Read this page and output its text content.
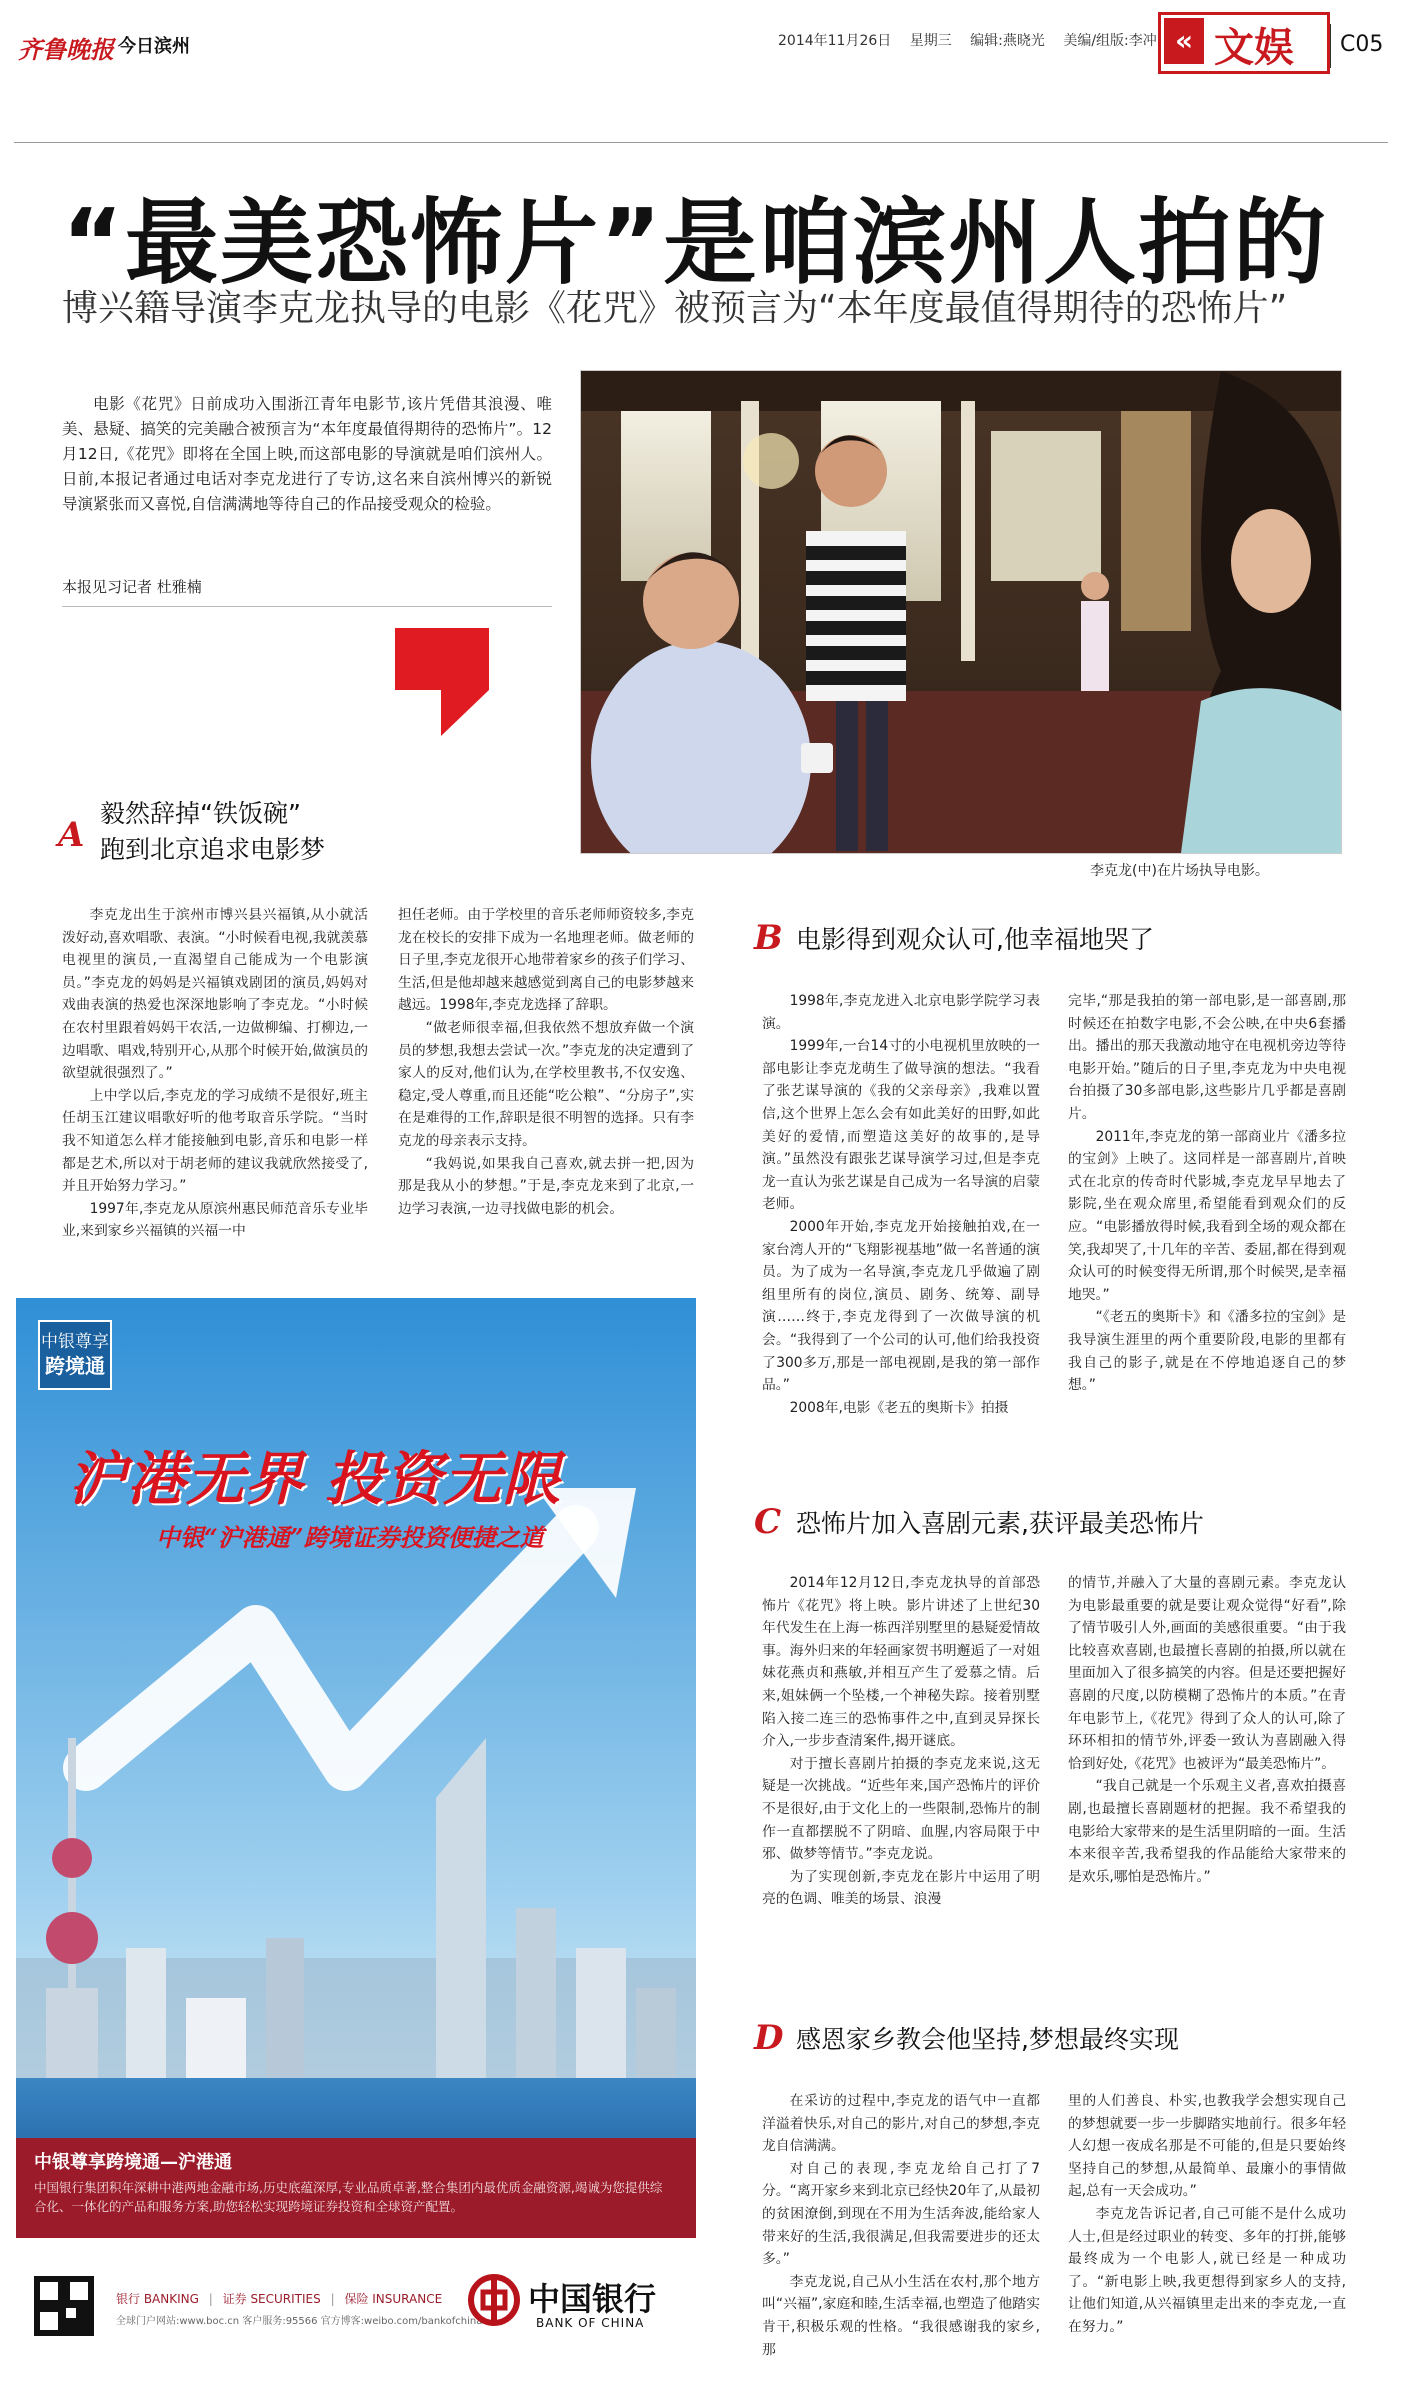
齐鲁晚报 今日滨州	2014年11月26日 星期三 编辑:燕晓光 美编/组版:李冲 « 文娱 C05
“最美恐怖片”是咱滨州人拍的
博兴籍导演李克龙执导的电影《花咒》被预言为“本年度最值得期待的恐怖片”
电影《花咒》日前成功入围浙江青年电影节,该片凭借其浪漫、唯美、悬疑、搞笑的完美融合被预言为“本年度最值得期待的恐怖片”。12月12日,《花咒》即将在全国上映,而这部电影的导演就是咱们滨州人。日前,本报记者通过电话对李克龙进行了专访,这名来自滨州博兴的新锐导演紧张而又喜悦,自信满满地等待自己的作品接受观众的检验。
本报见习记者 杜雅楠
李克龙(中)在片场执导电影。
A
毅然辞掉“铁饭碗”
跑到北京追求电影梦

李克龙出生于滨州市博兴县兴福镇,从小就活泼好动,喜欢唱歌、表演。“小时候看电视,我就羡慕电视里的演员,一直渴望自己能成为一个电影演员。”李克龙的妈妈是兴福镇戏剧团的演员,妈妈对戏曲表演的热爱也深深地影响了李克龙。“小时候在农村里跟着妈妈干农活,一边做柳编、打柳边,一边唱歌、唱戏,特别开心,从那个时候开始,做演员的欲望就很强烈了。”

上中学以后,李克龙的学习成绩不是很好,班主任胡玉江建议唱歌好听的他考取音乐学院。“当时我不知道怎么样才能接触到电影,音乐和电影一样都是艺术,所以对于胡老师的建议我就欣然接受了,并且开始努力学习。”

1997年,李克龙从原滨州惠民师范音乐专业毕业,来到家乡兴福镇的兴福一中

担任老师。由于学校里的音乐老师师资较多,李克龙在校长的安排下成为一名地理老师。做老师的日子里,李克龙很开心地带着家乡的孩子们学习、生活,但是他却越来越感觉到离自己的电影梦越来越远。1998年,李克龙选择了辞职。

“做老师很幸福,但我依然不想放弃做一个演员的梦想,我想去尝试一次。”李克龙的决定遭到了家人的反对,他们认为,在学校里教书,不仅安逸、稳定,受人尊重,而且还能“吃公粮”、“分房子”,实在是难得的工作,辞职是很不明智的选择。只有李克龙的母亲表示支持。

“我妈说,如果我自己喜欢,就去拼一把,因为那是我从小的梦想。”于是,李克龙来到了北京,一边学习表演,一边寻找做电影的机会。

B 电影得到观众认可,他幸福地哭了

1998年,李克龙进入北京电影学院学习表演。

1999年,一台14寸的小电视机里放映的一部电影让李克龙萌生了做导演的想法。“我看了张艺谋导演的《我的父亲母亲》,我难以置信,这个世界上怎么会有如此美好的田野,如此美好的爱情,而塑造这美好的故事的,是导演。”虽然没有跟张艺谋导演学习过,但是李克龙一直认为张艺谋是自己成为一名导演的启蒙老师。

2000年开始,李克龙开始接触拍戏,在一家台湾人开的“飞翔影视基地”做一名普通的演员。为了成为一名导演,李克龙几乎做遍了剧组里所有的岗位,演员、剧务、统筹、副导演……终于,李克龙得到了一次做导演的机会。“我得到了一个公司的认可,他们给我投资了300多万,那是一部电视剧,是我的第一部作品。”

2008年,电影《老五的奥斯卡》拍摄

完毕,“那是我拍的第一部电影,是一部喜剧,那时候还在拍数字电影,不会公映,在中央6套播出。播出的那天我激动地守在电视机旁边等待电影开始。”随后的日子里,李克龙为中央电视台拍摄了30多部电影,这些影片几乎都是喜剧片。

2011年,李克龙的第一部商业片《潘多拉的宝剑》上映了。这同样是一部喜剧片,首映式在北京的传奇时代影城,李克龙早早地去了影院,坐在观众席里,希望能看到观众们的反应。“电影播放得时候,我看到全场的观众都在笑,我却哭了,十几年的辛苦、委屈,都在得到观众认可的时候变得无所谓,那个时候哭,是幸福地哭。”

“《老五的奥斯卡》和《潘多拉的宝剑》是我导演生涯里的两个重要阶段,电影的里都有我自己的影子,就是在不停地追逐自己的梦想。”

C 恐怖片加入喜剧元素,获评最美恐怖片

2014年12月12日,李克龙执导的首部恐怖片《花咒》将上映。影片讲述了上世纪30年代发生在上海一栋西洋别墅里的悬疑爱情故事。海外归来的年轻画家贺书明邂逅了一对姐妹花燕贞和燕敏,并相互产生了爱慕之情。后来,姐妹俩一个坠楼,一个神秘失踪。接着别墅陷入接二连三的恐怖事件之中,直到灵异探长介入,一步步查清案件,揭开谜底。

对于擅长喜剧片拍摄的李克龙来说,这无疑是一次挑战。“近些年来,国产恐怖片的评价不是很好,由于文化上的一些限制,恐怖片的制作一直都摆脱不了阴暗、血腥,内容局限于中邪、做梦等情节。”李克龙说。

为了实现创新,李克龙在影片中运用了明亮的色调、唯美的场景、浪漫

的情节,并融入了大量的喜剧元素。李克龙认为电影最重要的就是要让观众觉得“好看”,除了情节吸引人外,画面的美感很重要。“由于我比较喜欢喜剧,也最擅长喜剧的拍摄,所以就在里面加入了很多搞笑的内容。但是还要把握好喜剧的尺度,以防模糊了恐怖片的本质。”在青年电影节上,《花咒》得到了众人的认可,除了环环相扣的情节外,评委一致认为喜剧融入得恰到好处,《花咒》也被评为“最美恐怖片”。

“我自己就是一个乐观主义者,喜欢拍摄喜剧,也最擅长喜剧题材的把握。我不希望我的电影给大家带来的是生活里阴暗的一面。生活本来很辛苦,我希望我的作品能给大家带来的是欢乐,哪怕是恐怖片。”

D 感恩家乡教会他坚持,梦想最终实现

在采访的过程中,李克龙的语气中一直都洋溢着快乐,对自己的影片,对自己的梦想,李克龙自信满满。

对自己的表现,李克龙给自己打了7分。“离开家乡来到北京已经快20年了,从最初的贫困潦倒,到现在不用为生活奔波,能给家人带来好的生活,我很满足,但我需要进步的还太多。”

李克龙说,自己从小生活在农村,那个地方叫“兴福”,家庭和睦,生活幸福,也塑造了他踏实肯干,积极乐观的性格。“我很感谢我的家乡,那

里的人们善良、朴实,也教我学会想实现自己的梦想就要一步一步脚踏实地前行。很多年轻人幻想一夜成名那是不可能的,但是只要始终坚持自己的梦想,从最简单、最廉小的事情做起,总有一天会成功。”

李克龙告诉记者,自己可能不是什么成功人士,但是经过职业的转变、多年的打拼,能够最终成为一个电影人,就已经是一种成功了。“新电影上映,我更想得到家乡人的支持,让他们知道,从兴福镇里走出来的李克龙,一直在努力。”

中银尊享
跨境通
沪港无界 投资无限
中银“沪港通”跨境证券投资便捷之道
中银尊享跨境通—沪港通
中国银行集团积年深耕中港两地金融市场,历史底蕴深厚,专业品质卓著,整合集团内最优质金融资源,竭诚为您提供综合化、一体化的产品和服务方案,助您轻松实现跨境证券投资和全球资产配置。
银行 BANKING | 证券 SECURITIES | 保险 INSURANCE
全球门户网站:www.boc.cn 客户服务:95566 官方博客:weibo.com/bankofchina
中国银行
BANK OF CHINA
